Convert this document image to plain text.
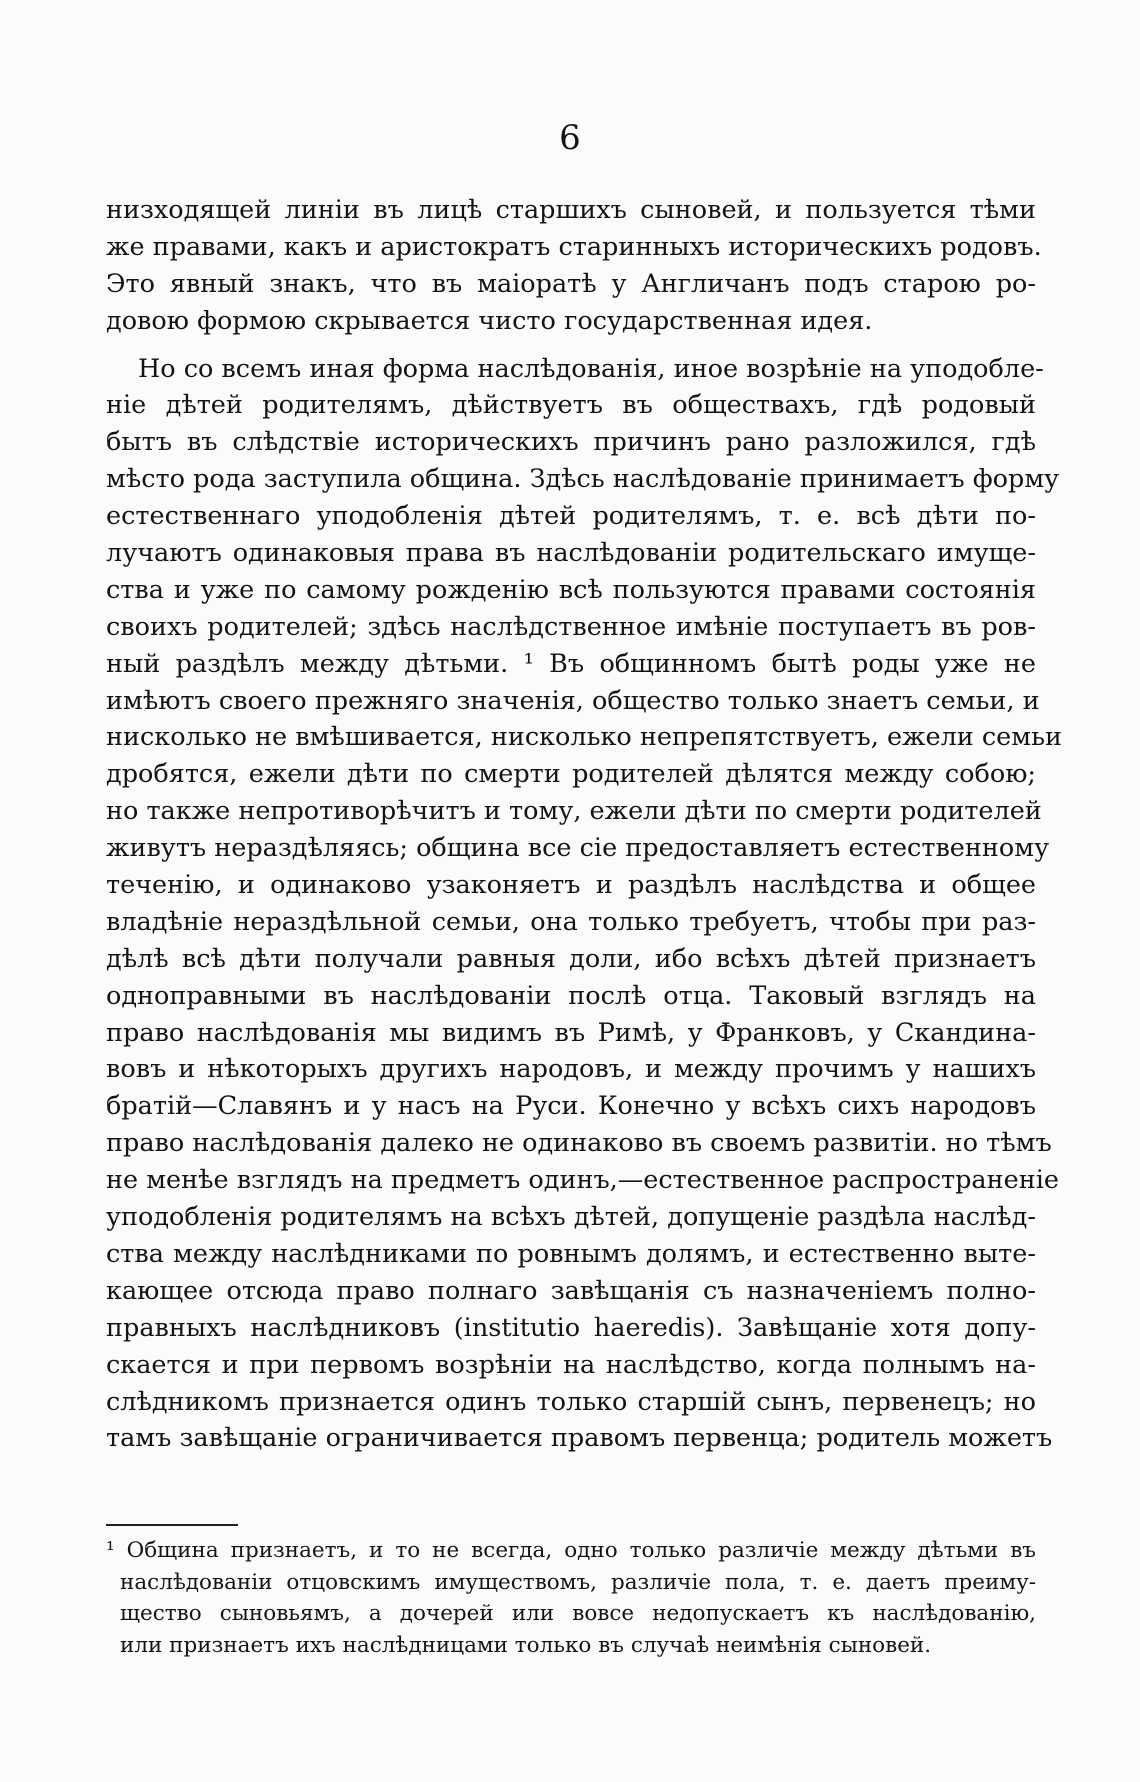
6
низходящей линіи въ лицѣ старшихъ сыновей, и пользуется тѣми
же правами, какъ и аристократъ старинныхъ историческихъ родовъ.
Это явный знакъ, что въ маioратѣ у Англичанъ подъ старою ро-
довою формою скрывается чисто государственная идея.
Но со всемъ иная форма наслѣдованія, иное возрѣніе на уподобле-
ніе дѣтей родителямъ, дѣйствуетъ въ обществахъ, гдѣ родовый
бытъ въ слѣдствіе историческихъ причинъ рано разложился, гдѣ
мѣсто рода заступила община. Здѣсь наслѣдованіе принимаетъ форму
естественнаго уподобленія дѣтей родителямъ, т. е. всѣ дѣти по-
лучаютъ одинаковыя права въ наслѣдованіи родительскаго имуще-
ства и уже по самому рожденію всѣ пользуются правами состоянія
своихъ родителей; здѣсь наслѣдственное имѣніе поступаетъ въ ров-
ный раздѣлъ между дѣтьми. ¹ Въ общинномъ бытѣ роды уже не
имѣютъ своего прежняго значенія, общество только знаетъ семьи, и
нисколько не вмѣшивается, нисколько непрепятствуетъ, ежели семьи
дробятся, ежели дѣти по смерти родителей дѣлятся между собою;
но также непротиворѣчитъ и тому, ежели дѣти по смерти родителей
живутъ нераздѣляясь; община все сіе предоставляетъ естественному
теченію, и одинаково узаконяетъ и раздѣлъ наслѣдства и общее
владѣніе нераздѣльной семьи, она только требуетъ, чтобы при раз-
дѣлѣ всѣ дѣти получали равныя доли, ибо всѣхъ дѣтей признаетъ
однoправными въ наслѣдованіи послѣ отца. Таковый взглядъ на
право наслѣдованія мы видимъ въ Римѣ, у Франковъ, у Скандина-
вовъ и нѣкоторыхъ другихъ народовъ, и между прочимъ у нашихъ
братій—Славянъ и у насъ на Руси. Конечно у всѣхъ сихъ народовъ
право наслѣдованія далеко не одинаково въ своемъ развитіи. но тѣмъ
не менѣе взглядъ на предметъ одинъ,—естественное распространеніе
уподобленія родителямъ на всѣхъ дѣтей, допущеніе раздѣла наслѣд-
ства между наслѣдниками по ровнымъ долямъ, и естественно выте-
кающее отсюда право полнаго завѣщанія съ назначеніемъ полно-
правныхъ наслѣдниковъ (institutio haeredis). Завѣщаніе хотя допу-
скается и при первомъ возрѣніи на наслѣдство, когда полнымъ на-
слѣдникомъ признается одинъ только старшій сынъ, первенецъ; но
тамъ завѣщаніе ограничивается правомъ первенца; родитель можетъ
¹ Община признаетъ, и то не всегда, одно только различіе между дѣтьми въ
наслѣдованіи отцовскимъ имуществомъ, различіе пола, т. е. даетъ преиму-
щество сыновьямъ, а дочерей или вовсе недопускаетъ къ наслѣдованію,
или признаетъ ихъ наслѣдницами только въ случаѣ неимѣнія сыновей.
